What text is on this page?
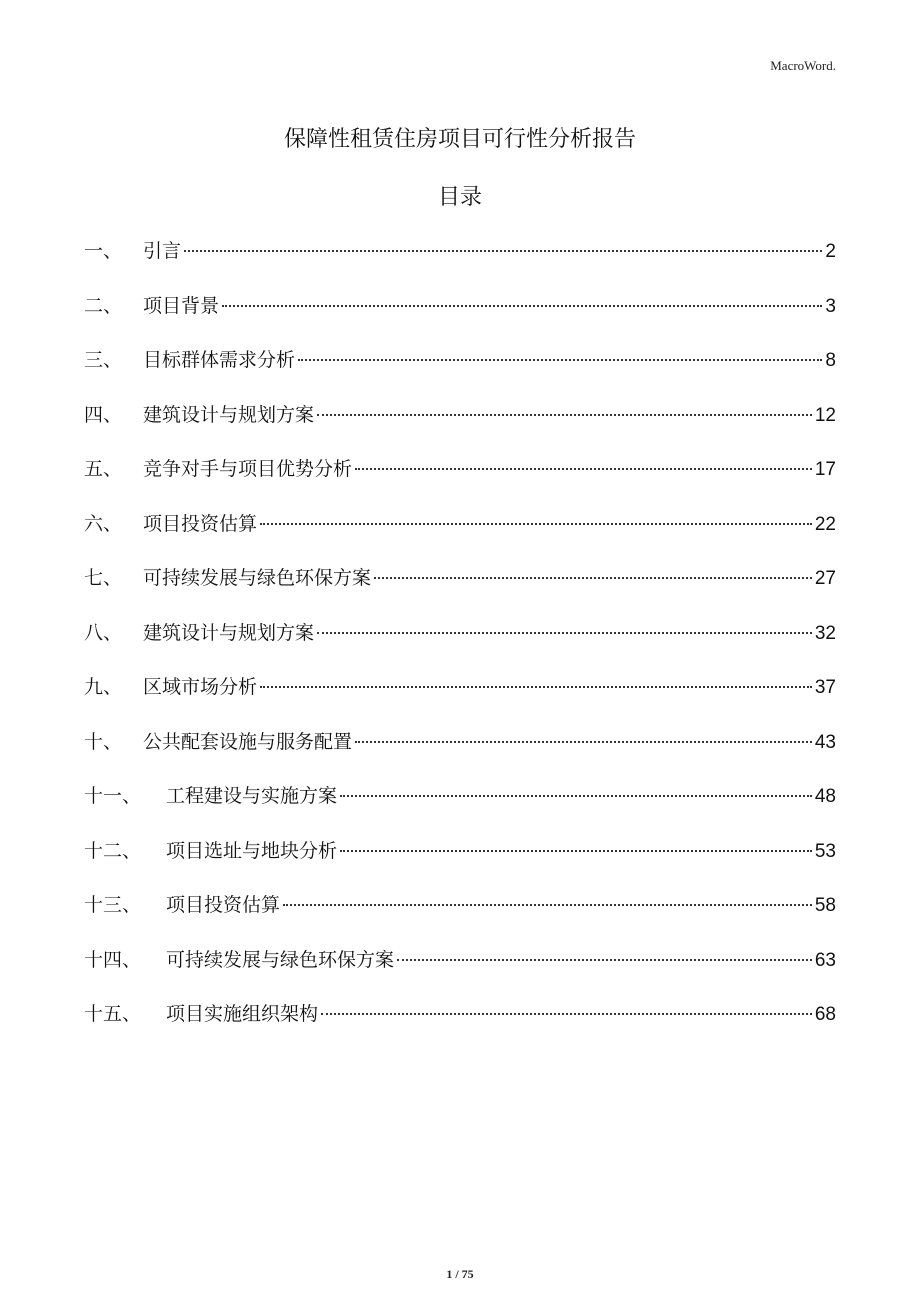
MacroWord.
保障性租赁住房项目可行性分析报告
目录
一、	引言	2
二、	项目背景	3
三、	目标群体需求分析	8
四、	建筑设计与规划方案	12
五、	竞争对手与项目优势分析	17
六、	项目投资估算	22
七、	可持续发展与绿色环保方案	27
八、	建筑设计与规划方案	32
九、	区域市场分析	37
十、	公共配套设施与服务配置	43
十一、	工程建设与实施方案	48
十二、	项目选址与地块分析	53
十三、	项目投资估算	58
十四、	可持续发展与绿色环保方案	63
十五、	项目实施组织架构	68
1 / 75
